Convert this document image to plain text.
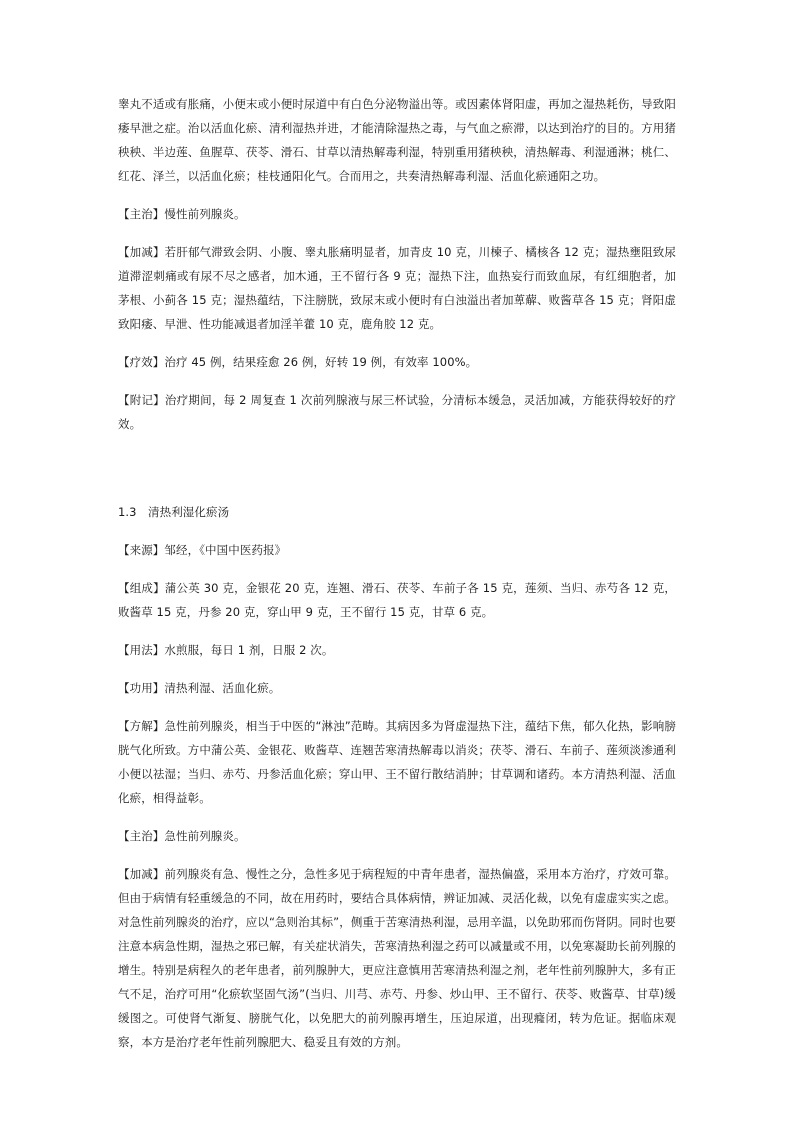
睾丸不适或有胀痛，小便末或小便时尿道中有白色分泌物溢出等。或因素体肾阳虚，再加之湿热耗伤，导致阳痿早泄之症。治以活血化瘀、清利湿热并进，才能清除湿热之毒，与气血之瘀滞，以达到治疗的目的。方用猪秧秧、半边莲、鱼腥草、茯苓、滑石、甘草以清热解毒利湿，特别重用猪秧秧，清热解毒、利湿通淋；桃仁、红花、泽兰，以活血化瘀；桂枝通阳化气。合而用之，共奏清热解毒利湿、活血化瘀通阳之功。

【主治】慢性前列腺炎。

【加减】若肝郁气滞致会阴、小腹、睾丸胀痛明显者，加青皮 10 克，川楝子、橘核各 12 克；湿热壅阻致尿道滞涩刺痛或有尿不尽之感者，加木通，王不留行各 9 克；湿热下注，血热妄行而致血尿，有红细胞者，加茅根、小蓟各 15 克；湿热蕴结，下注膀胱，致尿末或小便时有白浊溢出者加萆薢、败酱草各 15 克；肾阳虚致阳痿、早泄、性功能减退者加淫羊藿 10 克，鹿角胶 12 克。

【疗效】治疗 45 例，结果痊愈 26 例，好转 19 例，有效率 100%。

【附记】治疗期间，每 2 周复查 1 次前列腺液与尿三杯试验，分清标本缓急，灵活加减，方能获得较好的疗效。

1.3 清热利湿化瘀汤

【来源】邹经，《中国中医药报》

【组成】蒲公英 30 克，金银花 20 克，连翘、滑石、茯苓、车前子各 15 克，莲须、当归、赤芍各 12 克，败酱草 15 克，丹参 20 克，穿山甲 9 克，王不留行 15 克，甘草 6 克。

【用法】水煎服，每日 1 剂，日服 2 次。

【功用】清热利湿、活血化瘀。

【方解】急性前列腺炎，相当于中医的“淋浊”范畴。其病因多为肾虚湿热下注，蕴结下焦，郁久化热，影响膀胱气化所致。方中蒲公英、金银花、败酱草、连翘苦寒清热解毒以消炎；茯苓、滑石、车前子、莲须淡渗通利小便以祛湿；当归、赤芍、丹参活血化瘀；穿山甲、王不留行散结消肿；甘草调和诸药。本方清热利湿、活血化瘀，相得益彰。

【主治】急性前列腺炎。

【加减】前列腺炎有急、慢性之分，急性多见于病程短的中青年患者，湿热偏盛，采用本方治疗，疗效可靠。但由于病情有轻重缓急的不同，故在用药时，要结合具体病情，辨证加减、灵活化裁，以免有虚虚实实之虑。对急性前列腺炎的治疗，应以“急则治其标”，侧重于苦寒清热利湿，忌用辛温，以免助邪而伤肾阴。同时也要注意本病急性期，湿热之邪已解，有关症状消失，苦寒清热利湿之药可以减量或不用，以免寒凝助长前列腺的增生。特别是病程久的老年患者，前列腺肿大，更应注意慎用苦寒清热利湿之剂，老年性前列腺肿大，多有正气不足，治疗可用“化瘀软坚固气汤”(当归、川芎、赤芍、丹参、炒山甲、王不留行、茯苓、败酱草、甘草)缓缓图之。可使肾气渐复、膀胱气化，以免肥大的前列腺再增生，压迫尿道，出现癃闭，转为危证。据临床观察，本方是治疗老年性前列腺肥大、稳妥且有效的方剂。
